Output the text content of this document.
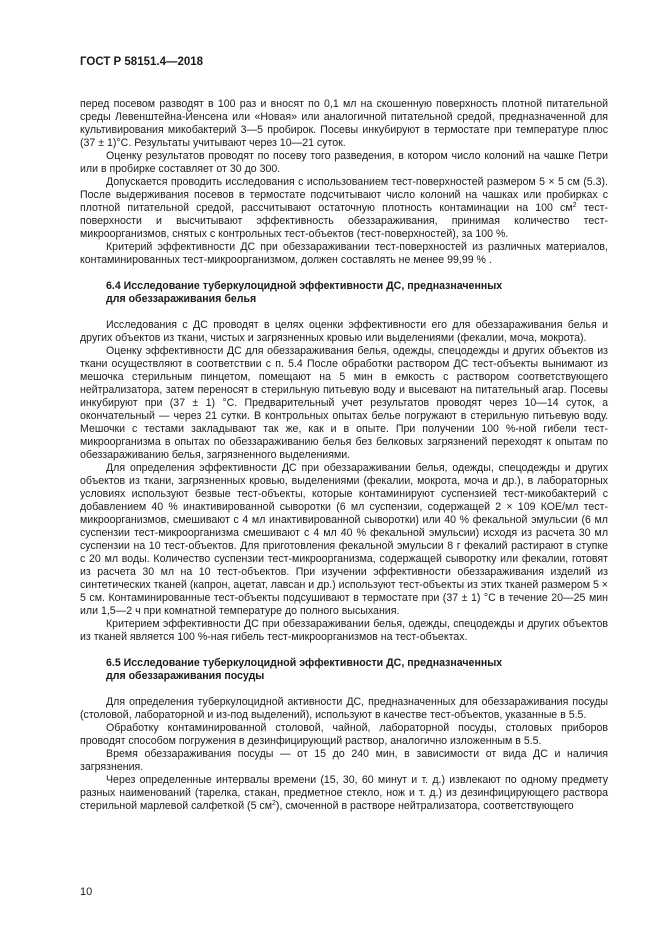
ГОСТ Р 58151.4—2018

перед посевом разводят в 100 раз и вносят по 0,1 мл на скошенную поверхность плотной питательной среды Левенштейна-Йенсена или «Новая» или аналогичной питательной средой, предназначенной для культивирования микобактерий 3—5 пробирок. Посевы инкубируют в термостате при температуре плюс (37 ± 1)°С. Результаты учитывают через 10—21 суток.

Оценку результатов проводят по посеву того разведения, в котором число колоний на чашке Петри или в пробирке составляет от 30 до 300.

Допускается проводить исследования с использованием тест-поверхностей размером 5 × 5 см (5.3). После выдерживания посевов в термостате подсчитывают число колоний на чашках или пробирках с плотной питательной средой, рассчитывают остаточную плотность контаминации на 100 $см^2$ тест-поверхности и высчитывают эффективность обеззараживания, принимая количество тест-микроорганизмов, снятых с контрольных тест-объектов (тест-поверхностей), за 100 %.

Критерий эффективности ДС при обеззараживании тест-поверхностей из различных материалов, контаминированных тест-микроорганизмом, должен составлять не менее 99,99 % .

6.4 Исследование туберкулоцидной эффективности ДС, предназначенных
для обеззараживания белья

Исследования с ДС проводят в целях оценки эффективности его для обеззараживания белья и других объектов из ткани, чистых и загрязненных кровью или выделениями (фекалии, моча, мокрота).

Оценку эффективности ДС для обеззараживания белья, одежды, спецодежды и других объектов из ткани осуществляют в соответствии с п. 5.4 После обработки раствором ДС тест-объекты вынимают из мешочка стерильным пинцетом, помещают на 5 мин в емкость с раствором соответствующего нейтрализатора, затем переносят в стерильную питьевую воду и высевают на питательный агар. Посевы инкубируют при (37 ± 1) °С. Предварительный учет результатов проводят через 10—14 суток, а окончательный — через 21 сутки. В контрольных опытах белье погружают в стерильную питьевую воду. Мешочки с тестами закладывают так же, как и в опыте. При получении 100 %-ной гибели тест-микроорганизма в опытах по обеззараживанию белья без белковых загрязнений переходят к опытам по обеззараживанию белья, загрязненного выделениями.

Для определения эффективности ДС при обеззараживании белья, одежды, спецодежды и других объектов из ткани, загрязненных кровью, выделениями (фекалии, мокрота, моча и др.), в лабораторных условиях используют безвые тест-объекты, которые контаминируют суспензией тест-микобактерий с добавлением 40 % инактивированной сыворотки (6 мл суспензии, содержащей 2 × 109 КОЕ/мл тест-микроорганизмов, смешивают с 4 мл инактивированной сыворотки) или 40 % фекальной эмульсии (6 мл суспензии тест-микроорганизма смешивают с 4 мл 40 % фекальной эмульсии) исходя из расчета 30 мл суспензии на 10 тест-объектов. Для приготовления фекальной эмульсии 8 г фекалий растирают в ступке с 20 мл воды. Количество суспензии тест-микроорганизма, содержащей сыворотку или фекалии, готовят из расчета 30 мл на 10 тест-объектов. При изучении эффективности обеззараживания изделий из синтетических тканей (капрон, ацетат, лавсан и др.) используют тест-объекты из этих тканей размером 5 × 5 см. Контаминированные тест-объекты подсушивают в термостате при (37 ± 1) °С в течение 20—25 мин или 1,5—2 ч при комнатной температуре до полного высыхания.

Критерием эффективности ДС при обеззараживании белья, одежды, спецодежды и других объектов из тканей является 100 %-ная гибель тест-микроорганизмов на тест-объектах.

6.5 Исследование туберкулоцидной эффективности ДС, предназначенных
для обеззараживания посуды

Для определения туберкулоцидной активности ДС, предназначенных для обеззараживания посуды (столовой, лабораторной и из-под выделений), используют в качестве тест-объектов, указанные в 5.5.

Обработку контаминированной столовой, чайной, лабораторной посуды, столовых приборов проводят способом погружения в дезинфицирующий раствор, аналогично изложенным в 5.5.

Время обеззараживания посуды — от 15 до 240 мин, в зависимости от вида ДС и наличия загрязнения.

Через определенные интервалы времени (15, 30, 60 минут и т. д.) извлекают по одному предмету разных наименований (тарелка, стакан, предметное стекло, нож и т. д.) из дезинфицирующего раствора стерильной марлевой салфеткой (5 $см^2$), смоченной в растворе нейтрализатора, соответствующего

10
